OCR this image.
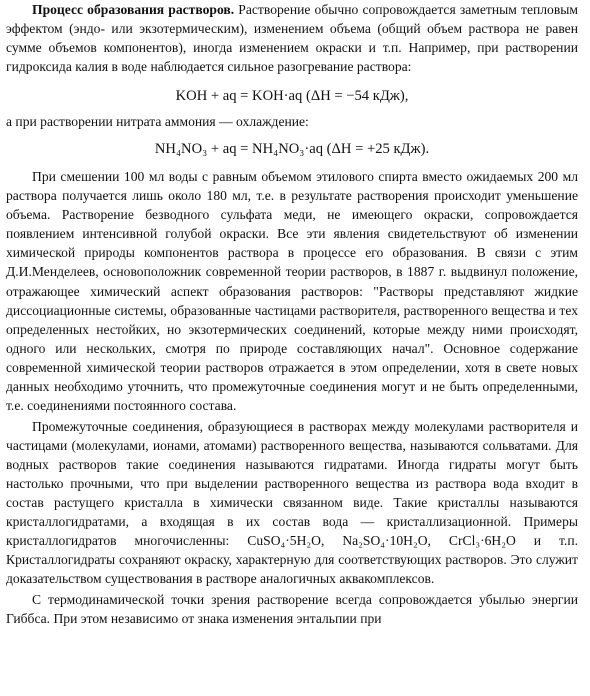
Процесс образования растворов. Растворение обычно сопровождается заметным тепловым эффектом (эндо- или экзотермическим), изменением объема (общий объем раствора не равен сумме объемов компонентов), иногда изменением окраски и т.п. Например, при растворении гидроксида калия в воде наблюдается сильное разогревание раствора:

KOH + aq = KOH·aq (ΔH = −54 кДж),

а при растворении нитрата аммония — охлаждение:

NH₄NO₃ + aq = NH₄NO₃·aq (ΔH = +25 кДж).

При смешении 100 мл воды с равным объемом этилового спирта вместо ожидаемых 200 мл раствора получается лишь около 180 мл, т.е. в результате растворения происходит уменьшение объема. Растворение безводного сульфата меди, не имеющего окраски, сопровождается появлением интенсивной голубой окраски. Все эти явления свидетельствуют об изменении химической природы компонентов раствора в процессе его образования. В связи с этим Д.И.Менделеев, основоположник современной теории растворов, в 1887 г. выдвинул положение, отражающее химический аспект образования растворов: "Растворы представляют жидкие диссоциационные системы, образованные частицами растворителя, растворенного вещества и тех определенных нестойких, но экзотермических соединений, которые между ними происходят, одного или нескольких, смотря по природе составляющих начал". Основное содержание современной химической теории растворов отражается в этом определении, хотя в свете новых данных необходимо уточнить, что промежуточные соединения могут и не быть определенными, т.е. соединениями постоянного состава.

Промежуточные соединения, образующиеся в растворах между молекулами растворителя и частицами (молекулами, ионами, атомами) растворенного вещества, называются сольватами. Для водных растворов такие соединения называются гидратами. Иногда гидраты могут быть настолько прочными, что при выделении растворенного вещества из раствора вода входит в состав растущего кристалла в химически связанном виде. Такие кристаллы называются кристаллогидратами, а входящая в их состав вода — кристаллизационной. Примеры кристаллогидратов многочисленны: CuSO₄·5H₂O, Na₂SO₄·10H₂O, CrCl₃·6H₂O и т.п. Кристаллогидраты сохраняют окраску, характерную для соответствующих растворов. Это служит доказательством существования в растворе аналогичных аквакомплексов.

С термодинамической точки зрения растворение всегда сопровождается убылью энергии Гиббса. При этом независимо от знака изменения энтальпии при
